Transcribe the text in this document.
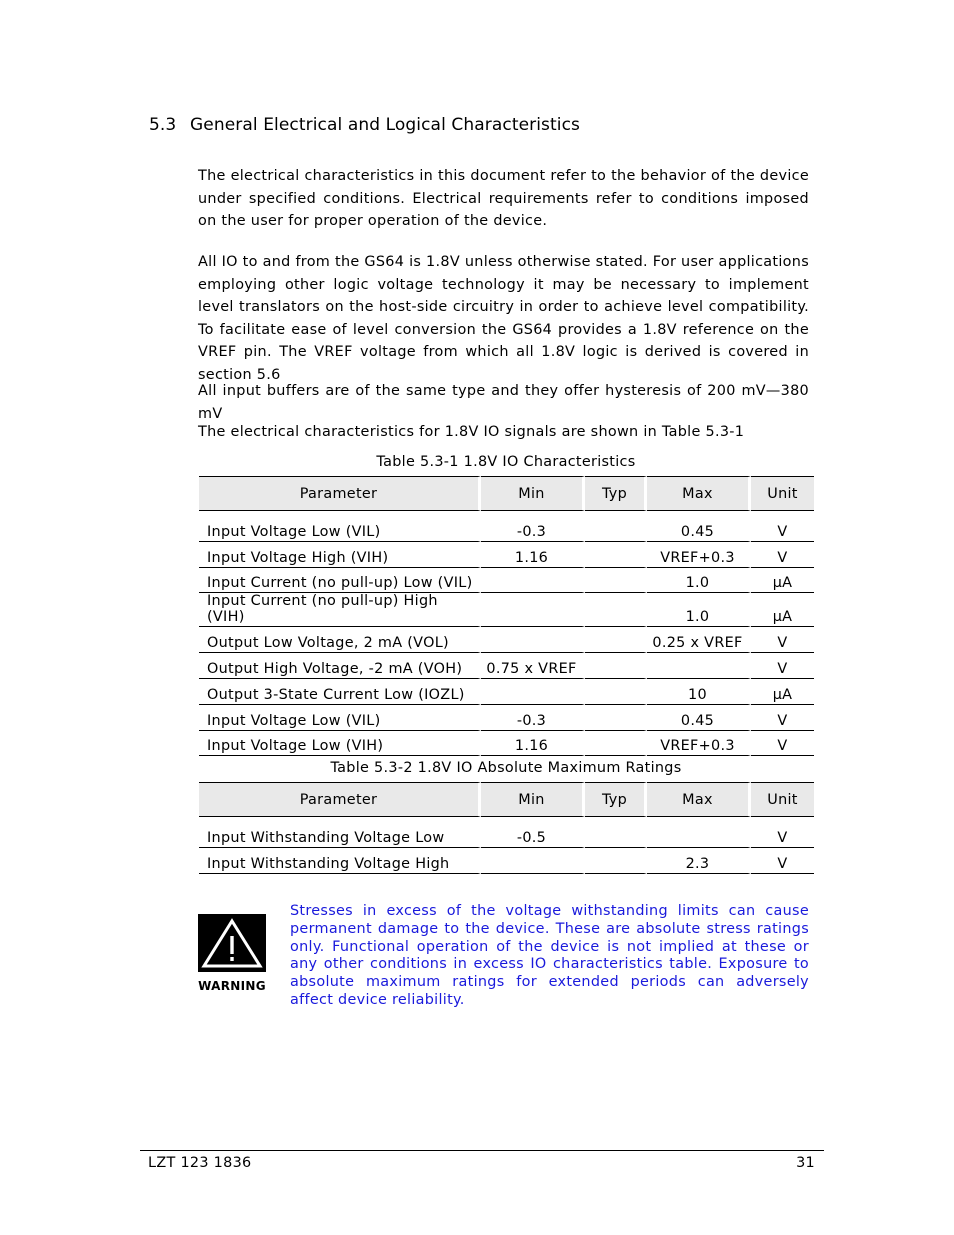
5.3 General Electrical and Logical Characteristics

The electrical characteristics in this document refer to the behavior of the device under specified conditions. Electrical requirements refer to conditions imposed on the user for proper operation of the device.

All IO to and from the GS64 is 1.8V unless otherwise stated. For user applications employing other logic voltage technology it may be necessary to implement level translators on the host-side circuitry in order to achieve level compatibility. To facilitate ease of level conversion the GS64 provides a 1.8V reference on the VREF pin. The VREF voltage from which all 1.8V logic is derived is covered in section 5.6

All input buffers are of the same type and they offer hysteresis of 200 mV—380 mV

The electrical characteristics for 1.8V IO signals are shown in Table 5.3-1

Table 5.3-1 1.8V IO Characteristics
Parameter	Min	Typ	Max	Unit

Input Voltage Low (VIL)	-0.3		0.45	V
Input Voltage High (VIH)	1.16		VREF+0.3	V
Input Current (no pull-up) Low (VIL)			1.0	μA
Input Current (no pull-up) High (VIH)			1.0	μA
Output Low Voltage, 2 mA (VOL)			0.25 x VREF	V
Output High Voltage, -2 mA (VOH)	0.75 x VREF			V
Output 3-State Current Low (IOZL)			10	μA
Input Voltage Low (VIL)	-0.3		0.45	V
Input Voltage Low (VIH)	1.16		VREF+0.3	V
Table 5.3-2 1.8V IO Absolute Maximum Ratings
Parameter	Min	Typ	Max	Unit

Input Withstanding Voltage Low	-0.5			V
Input Withstanding Voltage High			2.3	V
WARNING

Stresses in excess of the voltage withstanding limits can cause permanent damage to the device. These are absolute stress ratings only. Functional operation of the device is not implied at these or any other conditions in excess IO characteristics table. Exposure to absolute maximum ratings for extended periods can adversely affect device reliability.

LZT 123 1836	31
